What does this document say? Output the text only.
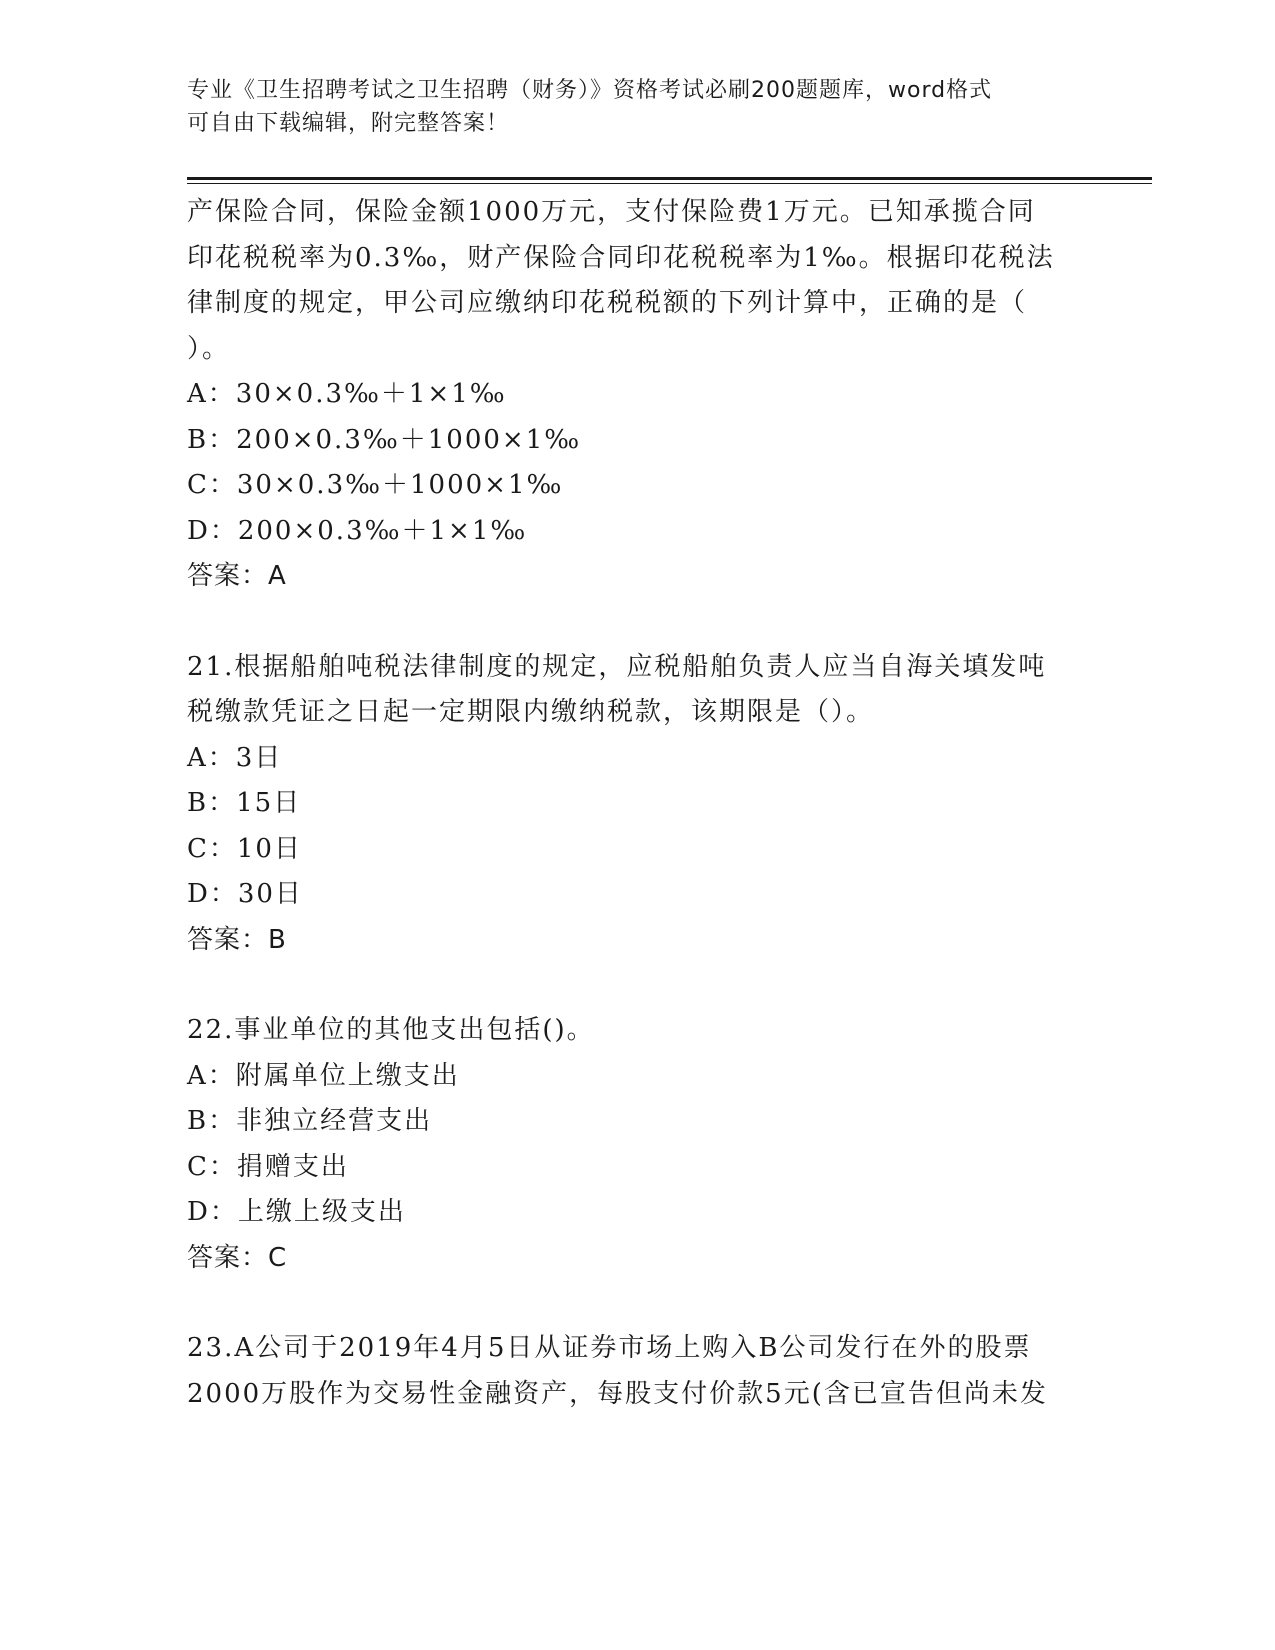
专业《卫生招聘考试之卫生招聘（财务）》资格考试必刷200题题库，word格式
可自由下载编辑，附完整答案！
产保险合同，保险金额1000万元，支付保险费1万元。已知承揽合同
印花税税率为0.3‰，财产保险合同印花税税率为1‰。根据印花税法
律制度的规定，甲公司应缴纳印花税税额的下列计算中，正确的是（
）。
A：30×0.3‰＋1×1‰
B：200×0.3‰＋1000×1‰
C：30×0.3‰＋1000×1‰
D：200×0.3‰＋1×1‰
答案：A
21.根据船舶吨税法律制度的规定，应税船舶负责人应当自海关填发吨
税缴款凭证之日起一定期限内缴纳税款，该期限是（）。
A：3日
B：15日
C：10日
D：30日
答案：B
22.事业单位的其他支出包括()。
A：附属单位上缴支出
B：非独立经营支出
C：捐赠支出
D：上缴上级支出
答案：C
23.A公司于2019年4月5日从证券市场上购入B公司发行在外的股票
2000万股作为交易性金融资产，每股支付价款5元(含已宣告但尚未发
